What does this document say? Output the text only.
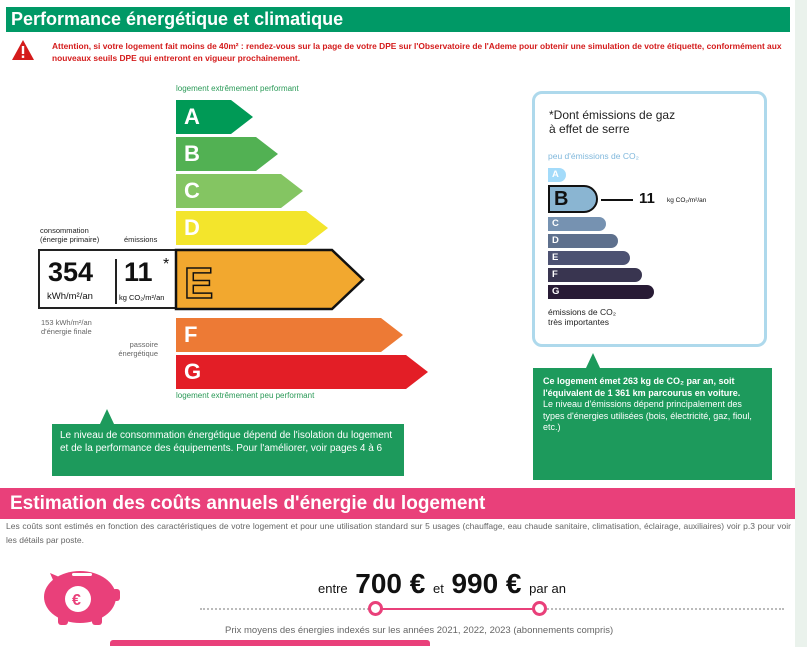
Performance énergétique et climatique
Attention, si votre logement fait moins de 40m² : rendez-vous sur la page de votre DPE sur l'Observatoire de l'Ademe pour obtenir une simulation de votre étiquette, conformément aux nouveaux seuils DPE qui entreront en vigueur prochainement.
logement extrêmement performant
A
B
C
D
F
G
consommation
(énergie primaire)	émissions
354
kWh/m²/an
11 *
kg CO₂/m²/an E
153 kWh/m²/an
d'énergie finale
passoire
énergétique
logement extrêmement peu performant
Le niveau de consommation énergétique dépend de l'isolation du logement et de la performance des équipements. Pour l'améliorer, voir pages 4 à 6
*Dont émissions de gaz
à effet de serre
peu d'émissions de CO₂
A
B
C
D
E
F
G
11 kg CO₂/m²/an
émissions de CO₂
très importantes
Ce logement émet 263 kg de CO₂ par an, soit l'équivalent de 1 361 km parcourus en voiture.
Le niveau d'émissions dépend principalement des types d'énergies utilisées (bois, électricité, gaz, fioul, etc.)
Estimation des coûts annuels d'énergie du logement
Les coûts sont estimés en fonction des caractéristiques de votre logement et pour une utilisation standard sur 5 usages (chauffage, eau chaude sanitaire, climatisation, éclairage, auxiliaires) voir p.3 pour voir les détails par poste.
€
entre 700 € et 990 € par an
Prix moyens des énergies indexés sur les années 2021, 2022, 2023 (abonnements compris)
